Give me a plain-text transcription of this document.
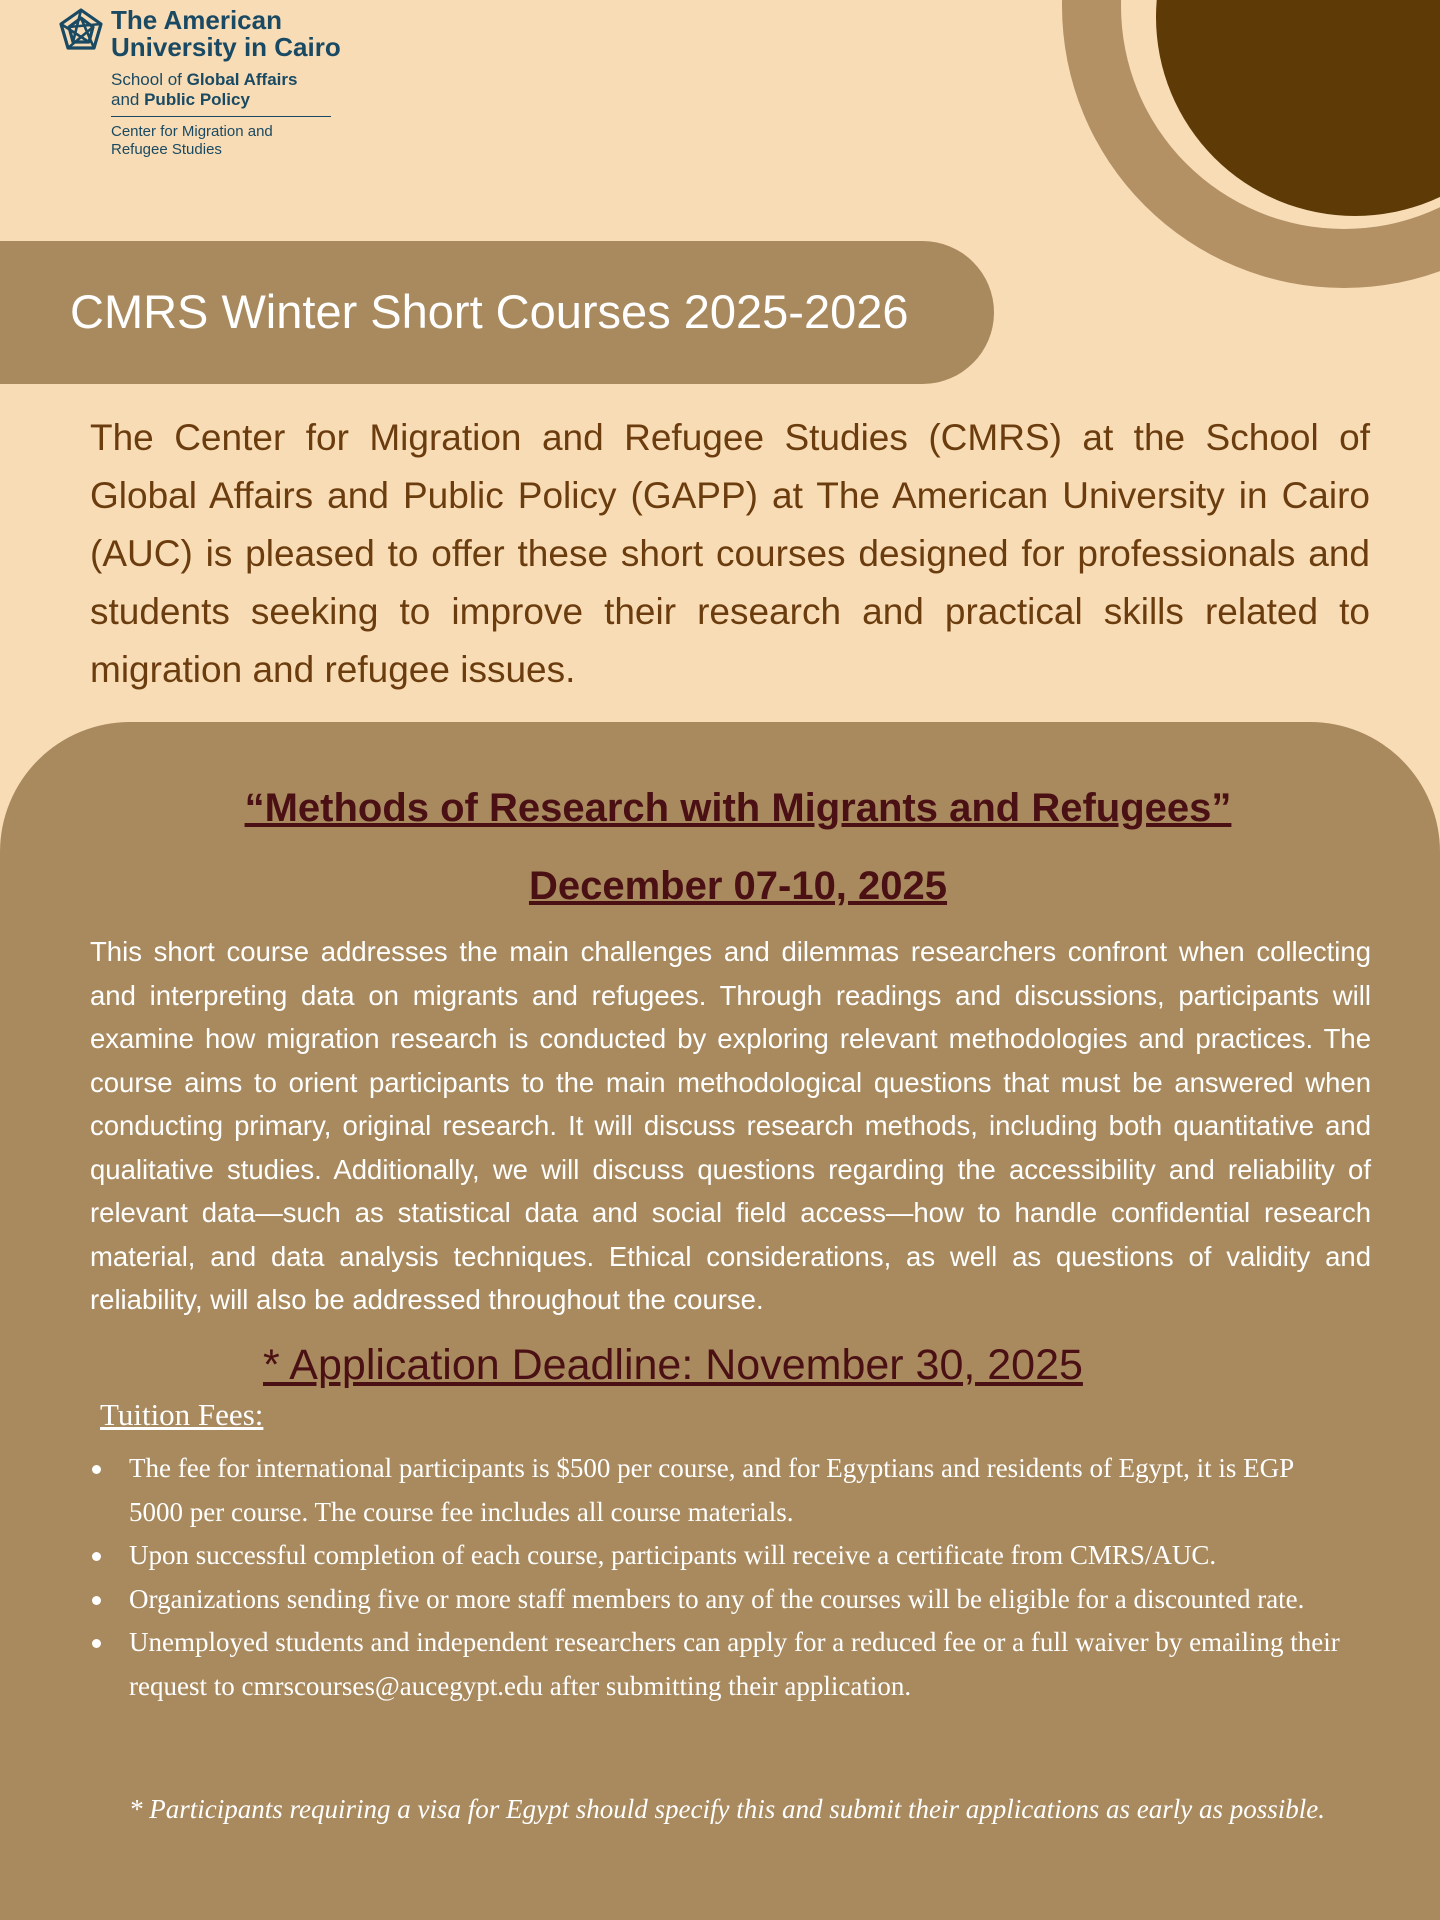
The American
University in Cairo
School of Global Affairs
and Public Policy
Center for Migration and
Refugee Studies
CMRS Winter Short Courses 2025-2026
The Center for Migration and Refugee Studies (CMRS) at the School of Global Affairs and Public Policy (GAPP) at The American University in Cairo (AUC) is pleased to offer these short courses designed for professionals and students seeking to improve their research and practical skills related to migration and refugee issues.
“Methods of Research with Migrants and Refugees”
December 07-10, 2025
This short course addresses the main challenges and dilemmas researchers confront when collecting and interpreting data on migrants and refugees. Through readings and discussions, participants will examine how migration research is conducted by exploring relevant methodologies and practices. The course aims to orient participants to the main methodological questions that must be answered when conducting primary, original research. It will discuss research methods, including both quantitative and qualitative studies. Additionally, we will discuss questions regarding the accessibility and reliability of relevant data—such as statistical data and social field access—how to handle confidential research material, and data analysis techniques. Ethical considerations, as well as questions of validity and reliability, will also be addressed throughout the course.
* Application Deadline: November 30, 2025
Tuition Fees:
The fee for international participants is $500 per course, and for Egyptians and residents of Egypt, it is EGP 5000 per course. The course fee includes all course materials.
Upon successful completion of each course, participants will receive a certificate from CMRS/AUC.
Organizations sending five or more staff members to any of the courses will be eligible for a discounted rate.
Unemployed students and independent researchers can apply for a reduced fee or a full waiver by emailing their request to cmrscourses@aucegypt.edu after submitting their application.
* Participants requiring a visa for Egypt should specify this and submit their applications as early as possible.
